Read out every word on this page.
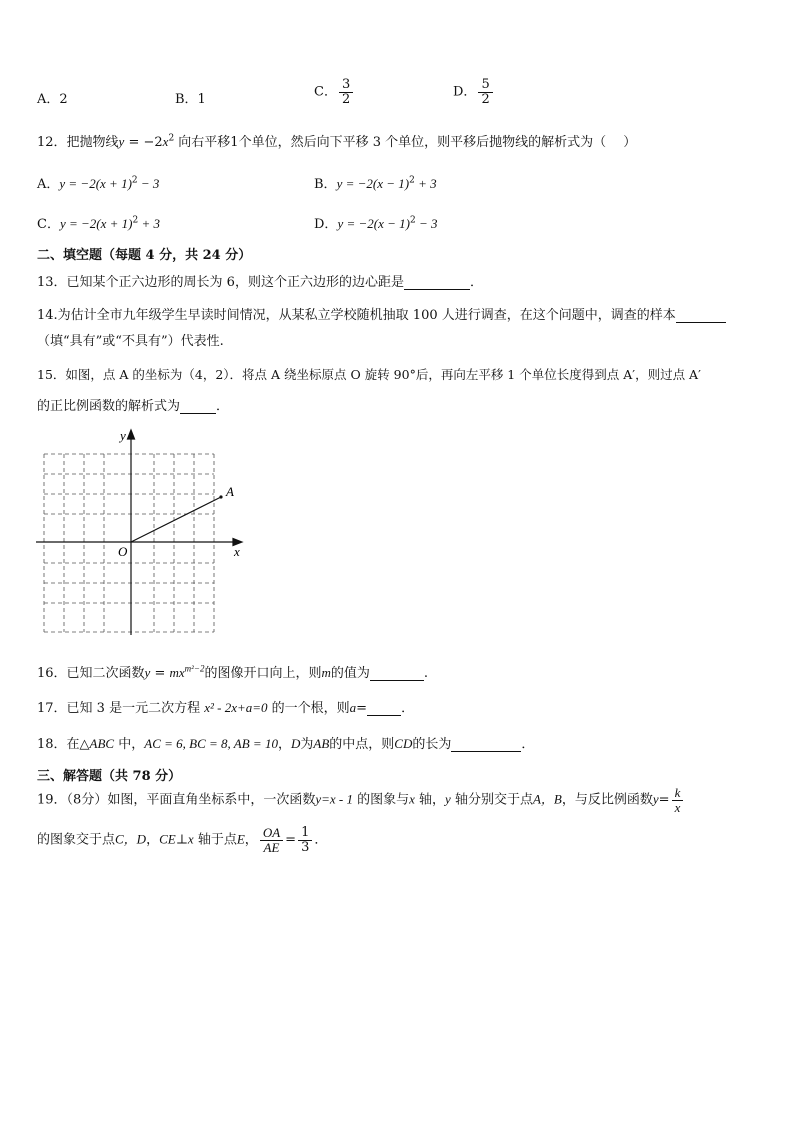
A．2	B．1	C． $\frac{3}{2}$	D． $\frac{5}{2}$
12．把抛物线$y = -2x^2$ 向右平移1个单位，然后向下平移 3 个单位，则平移后抛物线的解析式为（　 ）
A．$y = -2(x + 1)^2 - 3$	B．$y = -2(x - 1)^2 + 3$
C．$y = -2(x + 1)^2 + 3$	D．$y = -2(x - 1)^2 - 3$
二、填空题（每题 4 分，共 24 分）
13．已知某个正六边形的周长为 6，则这个正六边形的边心距是	．
14.为估计全市九年级学生早读时间情况，从某私立学校随机抽取 100 人进行调查，在这个问题中，调查的样本
（填“具有”或“不具有”）代表性.
15．如图，点 A 的坐标为（4，2）．将点 A 绕坐标原点 O 旋转 90°后，再向左平移 1 个单位长度得到点 A′，则过点 A′
的正比例函数的解析式为	．
y
x
O
A
16．已知二次函数$y = mx^{m^2-2}$的图像开口向上，则m的值为	.
17．已知 3 是一元二次方程 x² - 2x+a=0 的一个根，则a=	．
18．在△ABC 中，AC = 6, BC = 8, AB = 10，D为AB的中点，则CD的长为	．
三、解答题（共 78 分）
19．（8分）如图，平面直角坐标系中，一次函数y=x - 1 的图象与x 轴，y 轴分别交于点A，B，与反比例函数$y= \frac{k}{x}$
的图象交于点C，D，CE⊥x 轴于点E， $\frac{OA}{AE} = \frac{1}{3}$ ．
